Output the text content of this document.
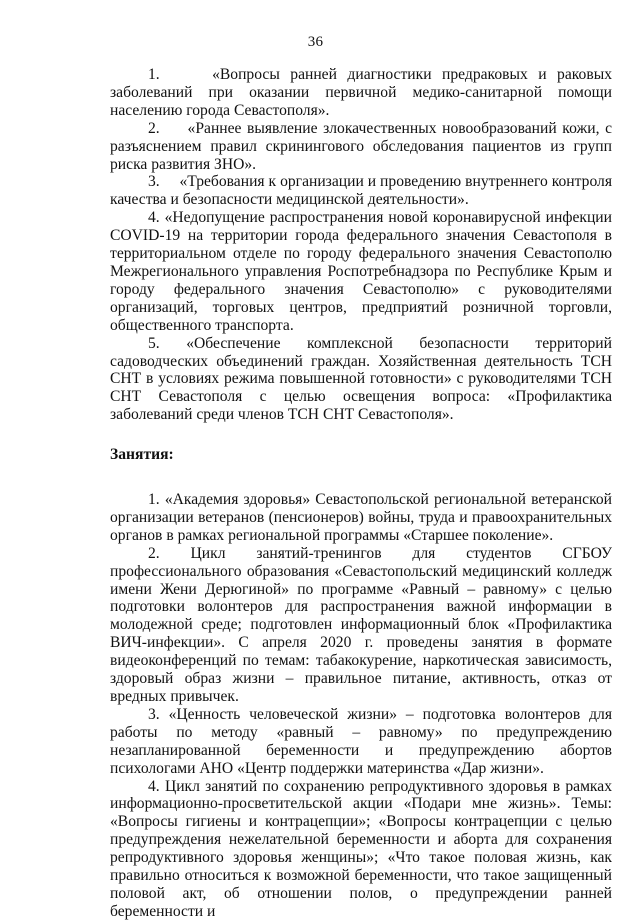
36

1.     «Вопросы ранней диагностики предраковых и раковых заболеваний при оказании первичной медико-санитарной помощи населению города Севастополя».

2.     «Раннее выявление злокачественных новообразований кожи, с разъяснением правил скринингового обследования пациентов из групп риска развития ЗНО».

3.     «Требования к организации и проведению внутреннего контроля качества и безопасности медицинской деятельности».

4. «Недопущение распространения новой коронавирусной инфекции COVID-19 на территории города федерального значения Севастополя в территориальном отделе по городу федерального значения Севастополю Межрегионального управления Роспотребнадзора по Республике Крым и городу федерального значения Севастополю» с руководителями организаций, торговых центров, предприятий розничной торговли, общественного транспорта.

5. «Обеспечение комплексной безопасности территорий садоводческих объединений граждан. Хозяйственная деятельность ТСН СНТ в условиях режима повышенной готовности» с руководителями ТСН СНТ Севастополя с целью освещения вопроса: «Профилактика заболеваний среди членов ТСН СНТ Севастополя».

Занятия:

1. «Академия здоровья» Севастопольской региональной ветеранской организации ветеранов (пенсионеров) войны, труда и правоохранительных органов в рамках региональной программы «Старшее поколение».

2. Цикл занятий-тренингов для студентов СГБОУ профессионального образования «Севастопольский медицинский колледж имени Жени Дерюгиной» по программе «Равный – равному» с целью подготовки волонтеров для распространения важной информации в молодежной среде; подготовлен информационный блок «Профилактика ВИЧ-инфекции». С апреля 2020 г. проведены занятия в формате видеоконференций по темам: табакокурение, наркотическая зависимость, здоровый образ жизни – правильное питание, активность, отказ от вредных привычек.

3. «Ценность человеческой жизни» – подготовка волонтеров для работы по методу «равный – равному» по предупреждению незапланированной беременности и предупреждению абортов психологами АНО «Центр поддержки материнства «Дар жизни».

4. Цикл занятий по сохранению репродуктивного здоровья в рамках информационно-просветительской акции «Подари мне жизнь». Темы: «Вопросы гигиены и контрацепции»; «Вопросы контрацепции с целью предупреждения нежелательной беременности и аборта для сохранения репродуктивного здоровья женщины»; «Что такое половая жизнь, как правильно относиться к возможной беременности, что такое защищенный половой акт, об отношении полов, о предупреждении ранней беременности и
